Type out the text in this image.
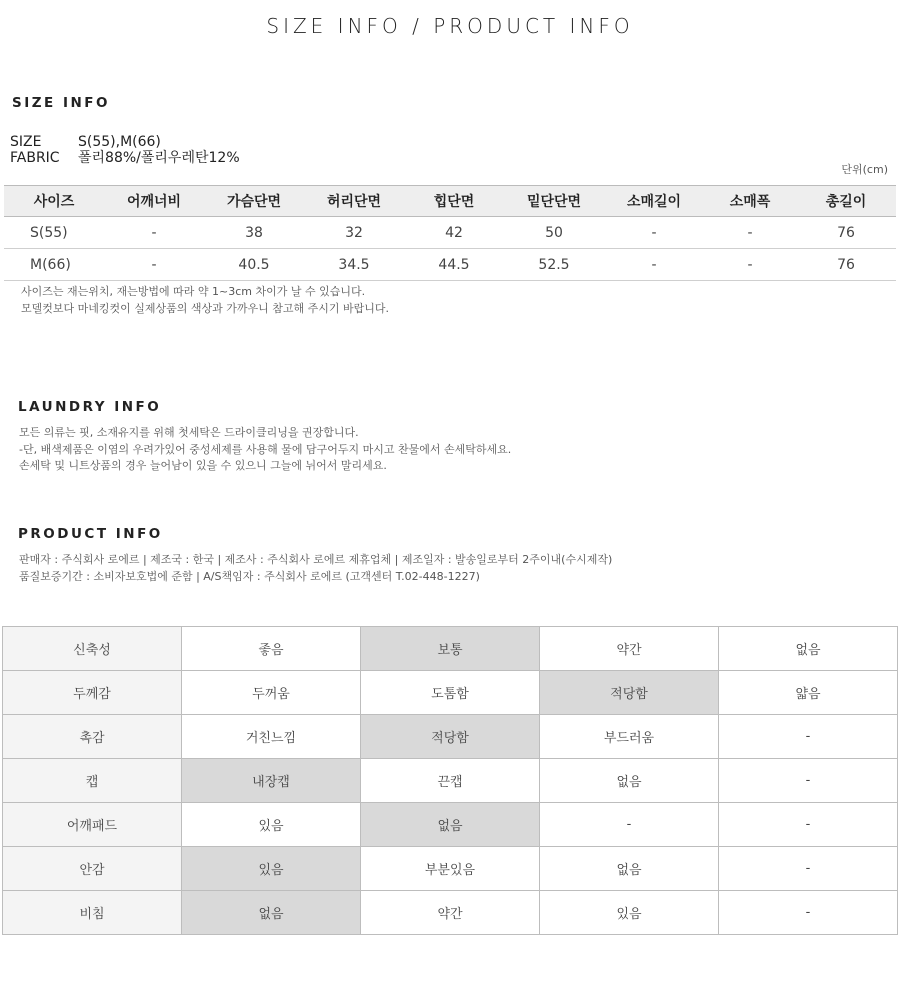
SIZE INFO / PRODUCT INFO
SIZE INFO
SIZE	S(55),M(66)
FABRIC 폴리88%/폴리우레탄12%
단위(cm)
사이즈	어깨너비	가슴단면	허리단면	힙단면	밑단단면	소매길이	소매폭	총길이
S(55)	-	38	32	42	50	-	-	76
M(66)	-	40.5	34.5	44.5	52.5	-	-	76
사이즈는 재는위치, 재는방법에 따라 약 1~3cm 차이가 날 수 있습니다.
모델컷보다 마네킹컷이 실제상품의 색상과 가까우니 참고해 주시기 바랍니다.
LAUNDRY INFO
모든 의류는 핏, 소재유지를 위해 첫세탁은 드라이클리닝을 권장합니다.
-단, 배색제품은 이염의 우려가있어 중성세제를 사용해 물에 담구어두지 마시고 찬물에서 손세탁하세요.
손세탁 및 니트상품의 경우 늘어남이 있을 수 있으니 그늘에 뉘어서 말리세요.
PRODUCT INFO
판매자 : 주식회사 로에르 | 제조국 : 한국 | 제조사 : 주식회사 로에르 제휴업체 | 제조일자 : 발송일로부터 2주이내(수시제작)
품질보증기간 : 소비자보호법에 준함 | A/S책임자 : 주식회사 로에르 (고객센터 T.02-448-1227)
신축성	좋음	보통	약간	없음
두께감	두꺼움	도톰함	적당함	얇음
촉감	거친느낌	적당함	부드러움	-
캡	내장캡	끈캡	없음	-
어깨패드	있음	없음	-	-
안감	있음	부분있음	없음	-
비침	없음	약간	있음	-
